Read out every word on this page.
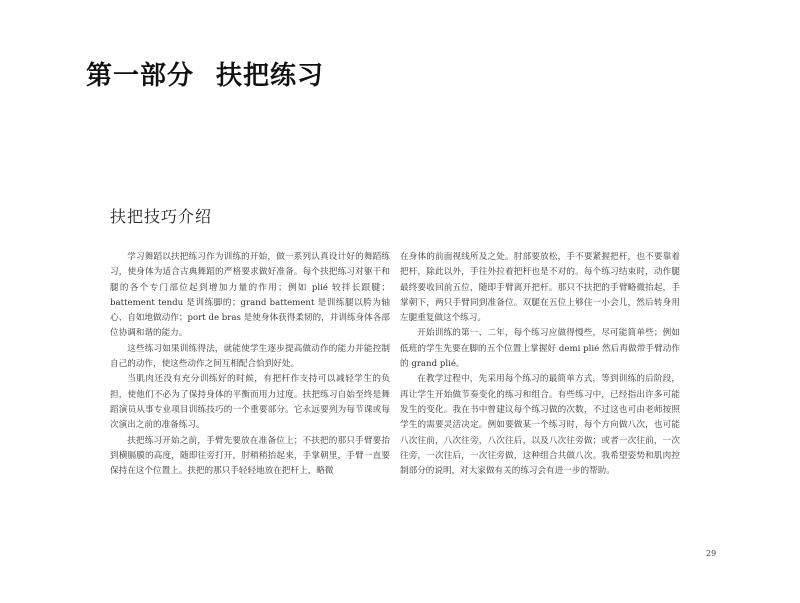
第一部分 扶把练习
扶把技巧介绍

学习舞蹈以扶把练习作为训练的开始，做一系列认真设计好的舞蹈练习，使身体为适合古典舞蹈的严格要求做好准备。每个扶把练习对躯干和腿的各个专门部位起到增加力量的作用；例如 plié 较拌长跟腱；battement tendu 是训练脚的；grand battement 是训练腿以胯为轴心、自如地做动作；port de bras 是使身体获得柔韧的，并训练身体各部位协调和谐的能力。

这些练习如果训练得法，就能使学生逐步提高做动作的能力并能控制自己的动作，使这些动作之间互相配合恰到好处。

当肌肉还没有充分训练好的时候，有把杆作支持可以减轻学生的负担，使他们不必为了保持身体的平衡而用力过度。扶把练习自始至终是舞蹈演员从事专业项目训练技巧的一个重要部分。它永远要列为每节课或每次演出之前的准备练习。

扶把练习开始之前，手臂先要放在准备位上；不扶把的那只手臂要抬到横膈膜的高度，随即往旁打开，肘稍稍抬起来，手掌朝里，手臂一直要保持在这个位置上。扶把的那只手轻轻地放在把杆上，略微

在身体的前面视线所及之处。肘部要放松，手不要紧握把杆，也不要靠着把杆，除此以外，手往外拉着把杆也是不对的。每个练习结束时，动作腿最终要收回前五位，随即手臂离开把杆。那只不扶把的手臂略微抬起，手掌朝下，两只手臂同到准备位。双腿在五位上够住一小会儿，然后转身用左腿重复做这个练习。

开始训练的第一、二年，每个练习应做得慢些，尽可能简单些；例如低班的学生先要在脚的五个位置上掌握好 demi plié 然后再做带手臂动作的 grand plié。

在教学过程中，先采用每个练习的最简单方式，等到训练的后阶段，再让学生开始做节奏变化的练习和组合。有些练习中，已经指出许多可能发生的变化。我在书中曾建议每个练习做的次数，不过这也可由老师按照学生的需要灵活决定。例如要做某一个练习时，每个方向做八次，也可能八次往前，八次往旁，八次往后，以及八次往旁做；或者一次往前，一次往旁，一次往后，一次往旁做，这种组合共做八次。我希望姿势和肌肉控制部分的说明，对大家做有关的练习会有进一步的帮助。

29
